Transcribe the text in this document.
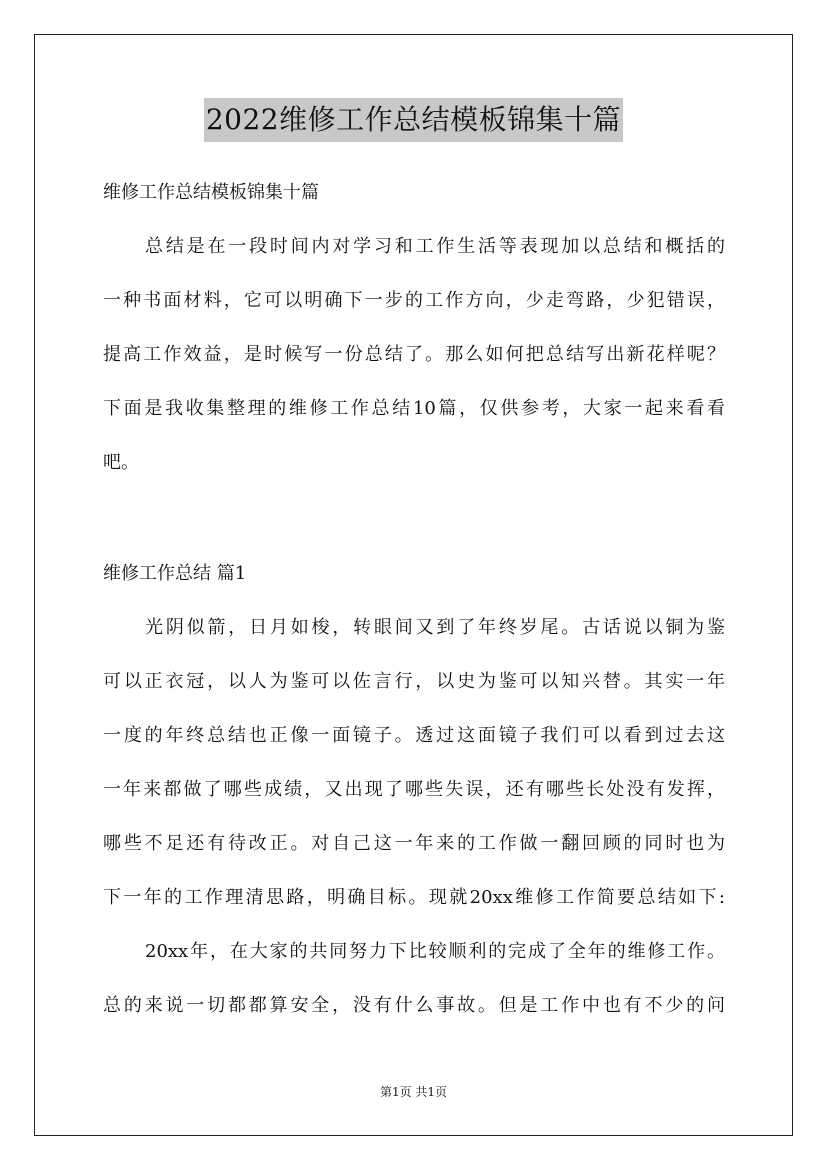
2022维修工作总结模板锦集十篇
维修工作总结模板锦集十篇
总结是在一段时间内对学习和工作生活等表现加以总结和概括的
一种书面材料，它可以明确下一步的工作方向，少走弯路，少犯错误，
提高工作效益，是时候写一份总结了。那么如何把总结写出新花样呢？
下面是我收集整理的维修工作总结10篇，仅供参考，大家一起来看看
吧。
维修工作总结 篇1
光阴似箭，日月如梭，转眼间又到了年终岁尾。古话说以铜为鉴
可以正衣冠，以人为鉴可以佐言行，以史为鉴可以知兴替。其实一年
一度的年终总结也正像一面镜子。透过这面镜子我们可以看到过去这
一年来都做了哪些成绩，又出现了哪些失误，还有哪些长处没有发挥，
哪些不足还有待改正。对自己这一年来的工作做一翻回顾的同时也为
下一年的工作理清思路，明确目标。现就20xx维修工作简要总结如下:
20xx年，在大家的共同努力下比较顺利的完成了全年的维修工作。
总的来说一切都都算安全，没有什么事故。但是工作中也有不少的问
第1页 共1页
